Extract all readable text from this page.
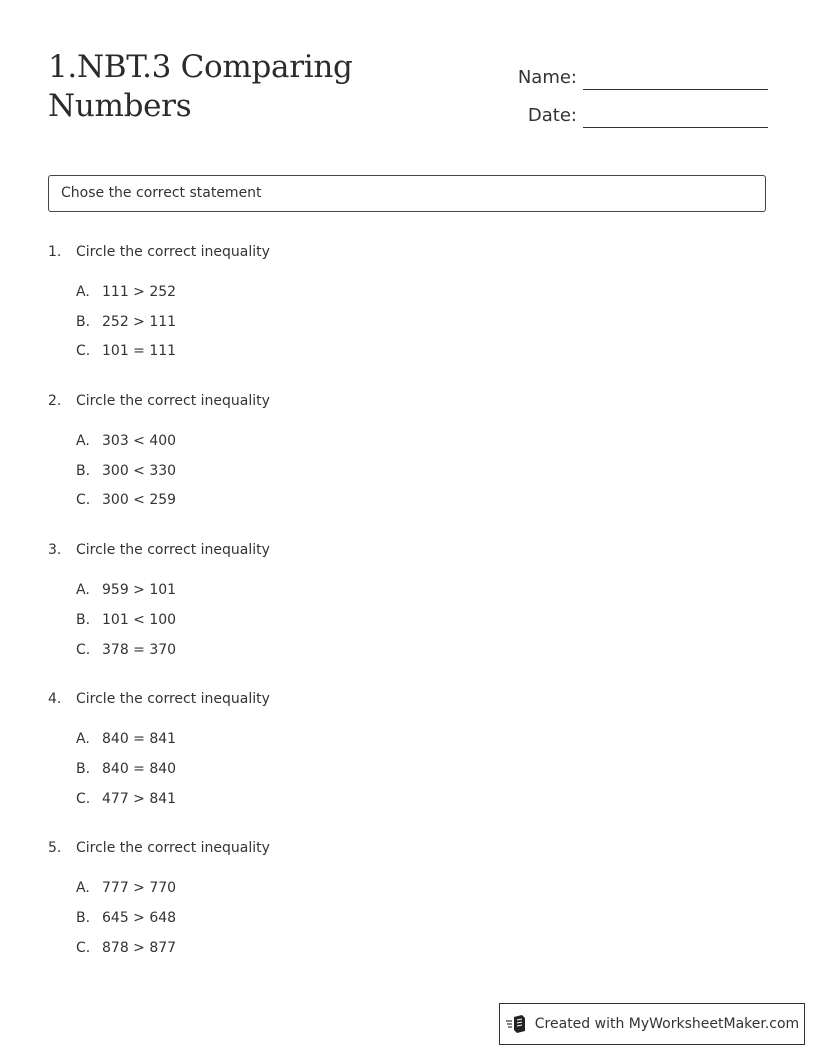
1.NBT.3 Comparing Numbers
Name:
Date:
Chose the correct statement
1.	Circle the correct inequality
A. 111 > 252
B. 252 > 111
C. 101 = 111
2.	Circle the correct inequality
A. 303 < 400
B. 300 < 330
C. 300 < 259
3.	Circle the correct inequality
A. 959 > 101
B. 101 < 100
C. 378 = 370
4.	Circle the correct inequality
A. 840 = 841
B. 840 = 840
C. 477 > 841
5.	Circle the correct inequality
A. 777 > 770
B. 645 > 648
C. 878 > 877
Created with MyWorksheetMaker.com
